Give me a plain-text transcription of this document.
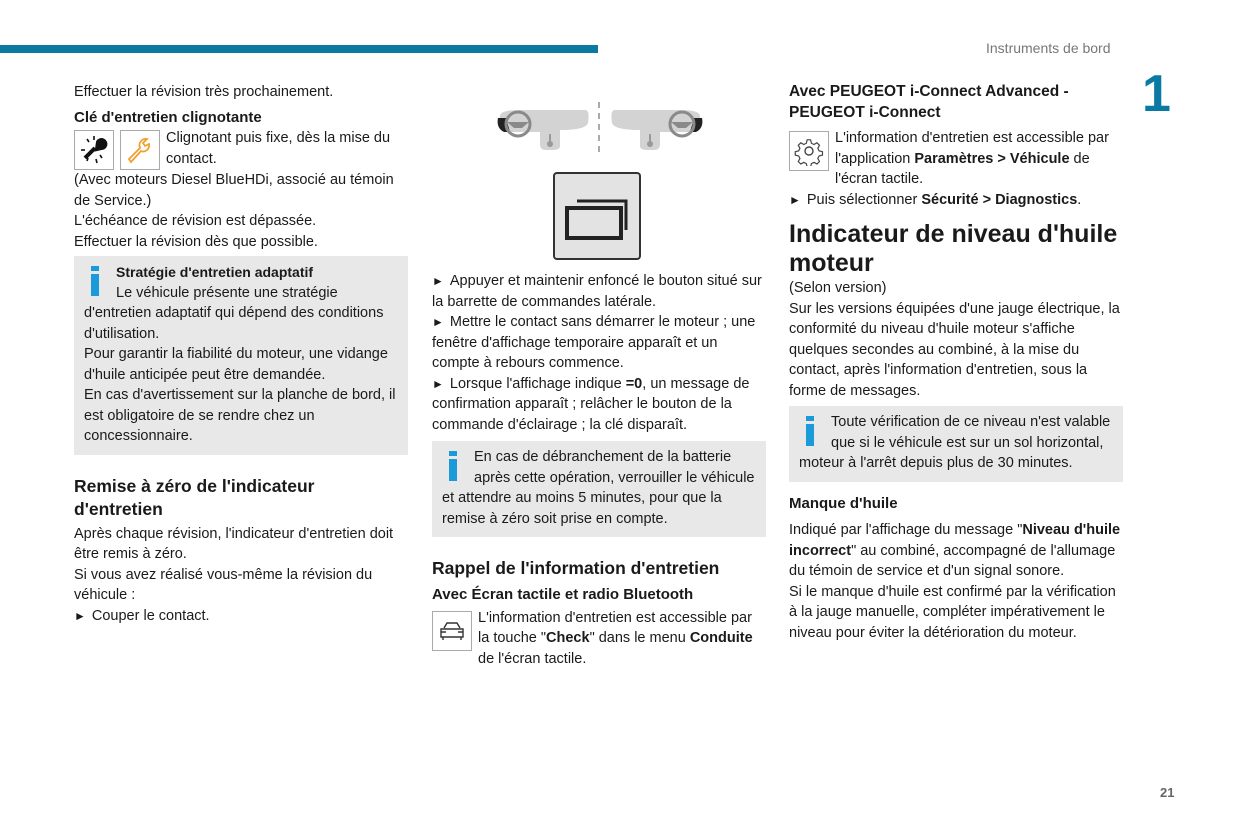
Instruments de bord
1
21

Effectuer la révision très prochainement.

Clé d'entretien clignotante

Clignotant puis fixe, dès la mise du contact.

(Avec moteurs Diesel BlueHDi, associé au témoin de Service.)

L'échéance de révision est dépassée.

Effectuer la révision dès que possible.

Stratégie d'entretien adaptatif

Le véhicule présente une stratégie d'entretien adaptatif qui dépend des conditions d'utilisation.

Pour garantir la fiabilité du moteur, une vidange d'huile anticipée peut être demandée.

En cas d'avertissement sur la planche de bord, il est obligatoire de se rendre chez un concessionnaire.

Remise à zéro de l'indicateur d'entretien

Après chaque révision, l'indicateur d'entretien doit être remis à zéro.

Si vous avez réalisé vous-même la révision du véhicule :

► Couper le contact.

► Appuyer et maintenir enfoncé le bouton situé sur la barrette de commandes latérale.

► Mettre le contact sans démarrer le moteur ; une fenêtre d'affichage temporaire apparaît et un compte à rebours commence.

► Lorsque l'affichage indique =0, un message de confirmation apparaît ; relâcher le bouton de la commande d'éclairage ; la clé disparaît.

En cas de débranchement de la batterie après cette opération, verrouiller le véhicule et attendre au moins 5 minutes, pour que la remise à zéro soit prise en compte.

Rappel de l'information d'entretien

Avec Écran tactile et radio Bluetooth

L'information d'entretien est accessible par la touche "Check" dans le menu Conduite de l'écran tactile.

Avec PEUGEOT i-Connect Advanced - PEUGEOT i-Connect

L'information d'entretien est accessible par l'application Paramètres > Véhicule de l'écran tactile.

► Puis sélectionner Sécurité > Diagnostics.

Indicateur de niveau d'huile moteur

(Selon version)

Sur les versions équipées d'une jauge électrique, la conformité du niveau d'huile moteur s'affiche quelques secondes au combiné, à la mise du contact, après l'information d'entretien, sous la forme de messages.

Toute vérification de ce niveau n'est valable que si le véhicule est sur un sol horizontal, moteur à l'arrêt depuis plus de 30 minutes.

Manque d'huile

Indiqué par l'affichage du message "Niveau d'huile incorrect" au combiné, accompagné de l'allumage du témoin de service et d'un signal sonore.

Si le manque d'huile est confirmé par la vérification à la jauge manuelle, compléter impérativement le niveau pour éviter la détérioration du moteur.
